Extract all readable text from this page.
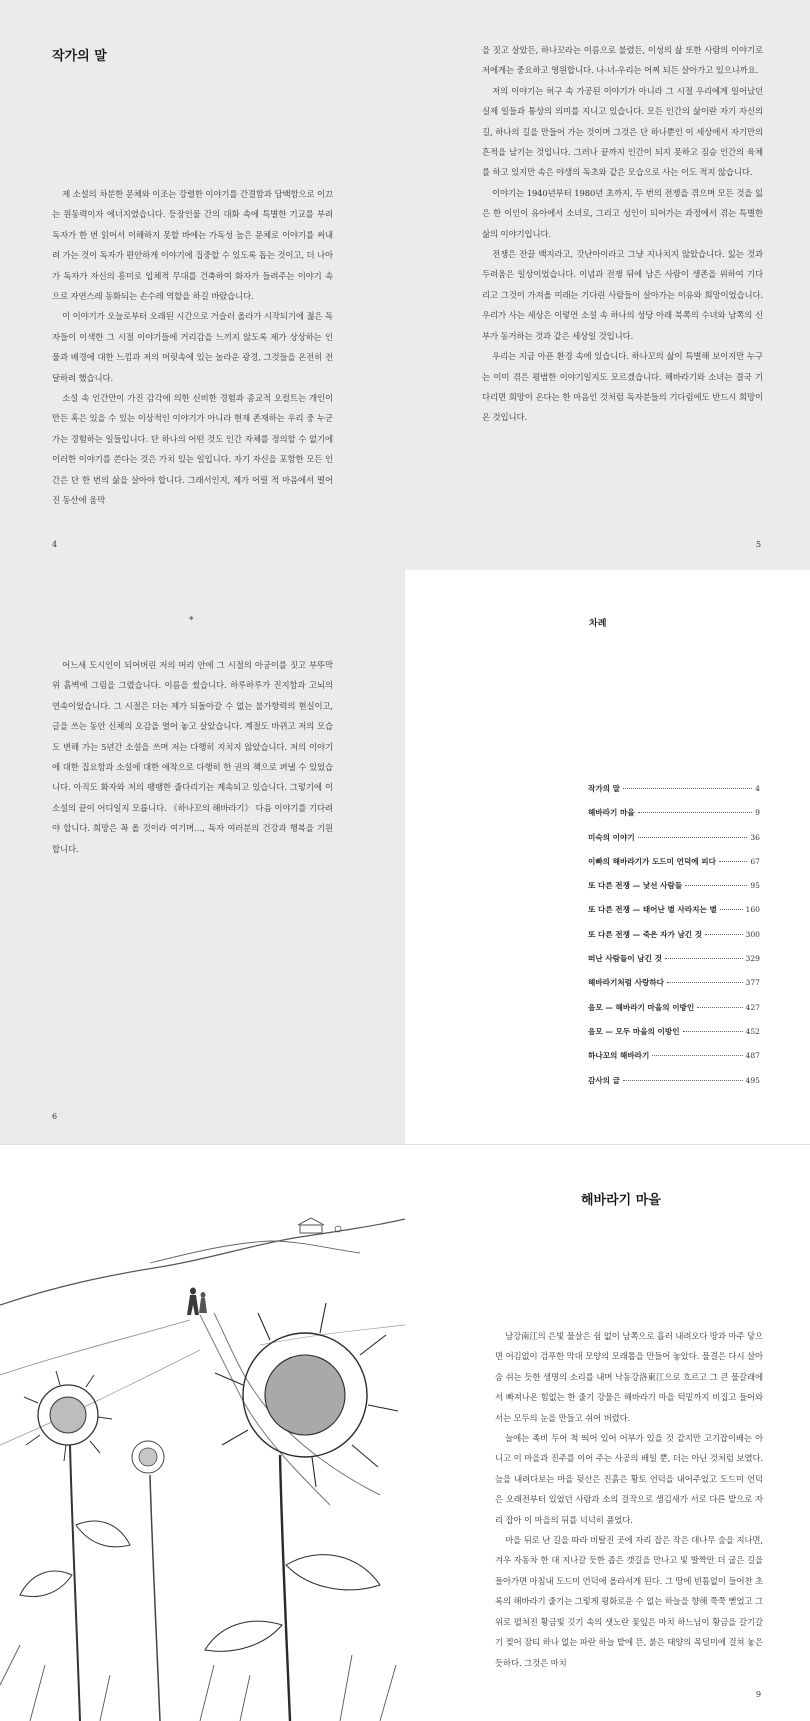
작가의 말

제 소설의 차분한 문체와 이조는 강렬한 이야기를 간결함과 담백함으로 이끄는 원동력이자 에너지였습니다. 등장인물 간의 대화 속에 특별한 기교를 부려 독자가 한 번 읽어서 이해하지 못할 바에는 가독성 높은 문체로 이야기를 써내려 가는 것이 독자가 편안하게 이야기에 집중할 수 있도록 돕는 것이고, 더 나아가 독자가 자신의 흥미로 입체적 무대를 건축하여 화자가 들려주는 이야기 속으로 자연스레 동화되는 손수레 역할을 하길 바랐습니다.

이 이야기가 오늘로부터 오래된 시간으로 거슬러 올라가 시작되기에 젊은 독자들이 이색한 그 시절 이야기들에 거리감을 느끼지 않도록 제가 상상하는 인물과 배경에 대한 느낌과 저의 머릿속에 있는 놀라운 광경, 그것들을 온전히 전달하려 했습니다.

소설 속 인간만이 가진 감각에 의한 신비한 경험과 종교적 오컬트는 개인이 만든 혹은 있을 수 있는 이상적인 이야기가 아니라 현재 존재하는 우리 중 누군가는 경험하는 일들입니다. 단 하나의 어떤 것도 인간 자체를 정의할 수 없기에 이러한 이야기를 쓴다는 것은 가치 있는 일입니다. 자기 자신을 포함한 모든 인간은 단 한 번의 삶을 살아야 합니다. 그래서인지, 제가 어릴 적 마음에서 떨어진 동산에 움막

4

을 짓고 살았든, 하나꼬라는 이름으로 불렸든, 이성의 삶 또한 사람의 이야기로 저에게는 중요하고 영원합니다. 나-너-우리는 어찌 되든 살아가고 있으니까요.

저의 이야기는 허구 속 가공된 이야기가 아니라 그 시절 우리에게 일어났던 실제 일들과 통상의 의미를 지니고 있습니다. 모든 인간의 삶이란 자기 자신의 길, 하나의 길을 만들어 가는 것이며 그것은 단 하나뿐인 이 세상에서 자기만의 흔적을 남기는 것입니다. 그러나 끝까지 인간이 되지 못하고 짐승 인간의 육체를 하고 있지만 속은 야생의 독초와 같은 모습으로 사는 이도 적지 않습니다.

이야기는 1940년부터 1980년 초까지, 두 번의 전쟁을 겪으며 모든 것을 잃은 한 이인이 유아에서 소녀로, 그리고 성인이 되어가는 과정에서 겪는 특별한 삶의 이야기입니다.

전쟁은 잔끌 백지라고, 갓난아이라고 그냥 지나치지 않았습니다. 잃는 것과 두려움은 일상이었습니다. 이념과 전쟁 뒤에 남은 사람이 생존을 위하여 기다리고 그것이 가져올 미래는 기다린 사람들이 살아가는 이유와 희망이었습니다. 우리가 사는 세상은 이렇먼 소설 속 하나의 성당 아래 북쪽의 수녀와 남쪽의 신부가 동거하는 것과 같은 세상일 것입니다.

우리는 지금 아픈 환경 속에 있습니다. 하나꼬의 삶이 특별해 보이지만 누구는 이미 겪은 평범한 이야기일지도 모르겠습니다. 해바라기와 소녀는 결국 기다리면 희망이 온다는 한 마음인 것처럼 독자분들의 기다림에도 반드시 희망이 온 것입니다.

5
*

어느새 도시인이 되어버린 저의 머리 안에 그 시절의 아궁이를 짓고 부뚜막 위 흙벽에 그림을 그렸습니다. 이름을 썼습니다. 하루하루가 진지함과 고뇌의 연속이었습니다. 그 시절은 더는 제가 되돌아갈 수 없는 불가항력의 현실이고, 글을 쓰는 동안 신체의 오감을 열어 놓고 살았습니다. 계절도 바뀌고 저의 모습도 변해 가는 5년간 소설을 쓰며 저는 다행히 지치지 않았습니다. 저의 이야기에 대한 집요함과 소설에 대한 애착으로 다행히 한 권의 책으로 펴낼 수 있었습니다. 아직도 화자와 저의 팽팽한 줄다리기는 계속되고 있습니다. 그렇기에 이 소설의 끝이 어디일지 모릅니다. 《하나꼬의 해바라기》 다음 이야기를 기다려야 합니다. 희망은 꼭 올 것이라 여기며…, 독자 여러분의 건강과 행복을 기원합니다.

6
차례
작가의 말	4
해바라기 마을	9
미숙의 이야기	36
이빠의 해바라기가 도드미 언덕에 피다	67
또 다른 전쟁 — 낯선 사람들	95
또 다른 전쟁 — 태어난 별 사라지는 별	160
또 다른 전쟁 — 죽은 자가 남긴 것	300
떠난 사람들이 남긴 것	329
해바라기처럼 사랑하다	377
음모 — 해바라기 마을의 이방인	427
음모 — 모두 마을의 이방인	452
하나꼬의 해바라기	487
감사의 글	495
해바라기 마을

남강南江의 은빛 물살은 쉼 없이 남쪽으로 흘러 내려오다 땅과 마주 닿으면 어김없이 검푸한 막대 모양의 모래톱을 만들어 놓았다. 물결은 다시 살아 숨 쉬는 듯한 생명의 소리를 내며 낙동강洛東江으로 흐르고 그 큰 물갈래에서 빠져나온 힘없는 한 줄기 강물은 해바라기 마을 턱밑까지 비집고 들어와서는 모두의 눈을 만들고 쉬어 버렸다.

늘에는 족비 두어 척 띄어 있어 어부가 있을 것 같지만 고기잡이배는 아니고 이 마을과 진주를 이어 주는 사공의 배일 뿐, 더는 아닌 것처럼 보였다. 늪을 내려다보는 마을 뒷산은 진흙은 황토 언덕을 내어주었고 도드미 언덕은 오래전부터 있었던 사람과 소의 걸작으로 생김새가 서로 다른 밭으로 자리 잡아 이 마을의 뒤를 넉넉히 품었다.

마을 뒤로 난 길을 따라 비탈진 곳에 자리 잡은 작은 대나무 숲을 지나면, 겨우 자동차 한 대 지나갈 듯한 좁은 갯길을 만나고 빛 발짝만 더 굽은 길을 돌아가면 마침내 도드미 언덕에 올라서게 된다. 그 땅에 빈틈없이 들어찬 초록의 해바라기 줄기는 그렇게 평화로운 수 없는 하늘을 향해 쭉쭉 뻗었고 그 위로 펼쳐진 황금빛 깃기 속의 샛노란 꽃잎은 마치 하느님이 황금을 갈기갈기 찢어 잠티 하나 없는 파란 하늘 밭에 뜬, 붉은 태양의 목덜미에 걸쳐 놓은 듯하다. 그것은 마치

9
